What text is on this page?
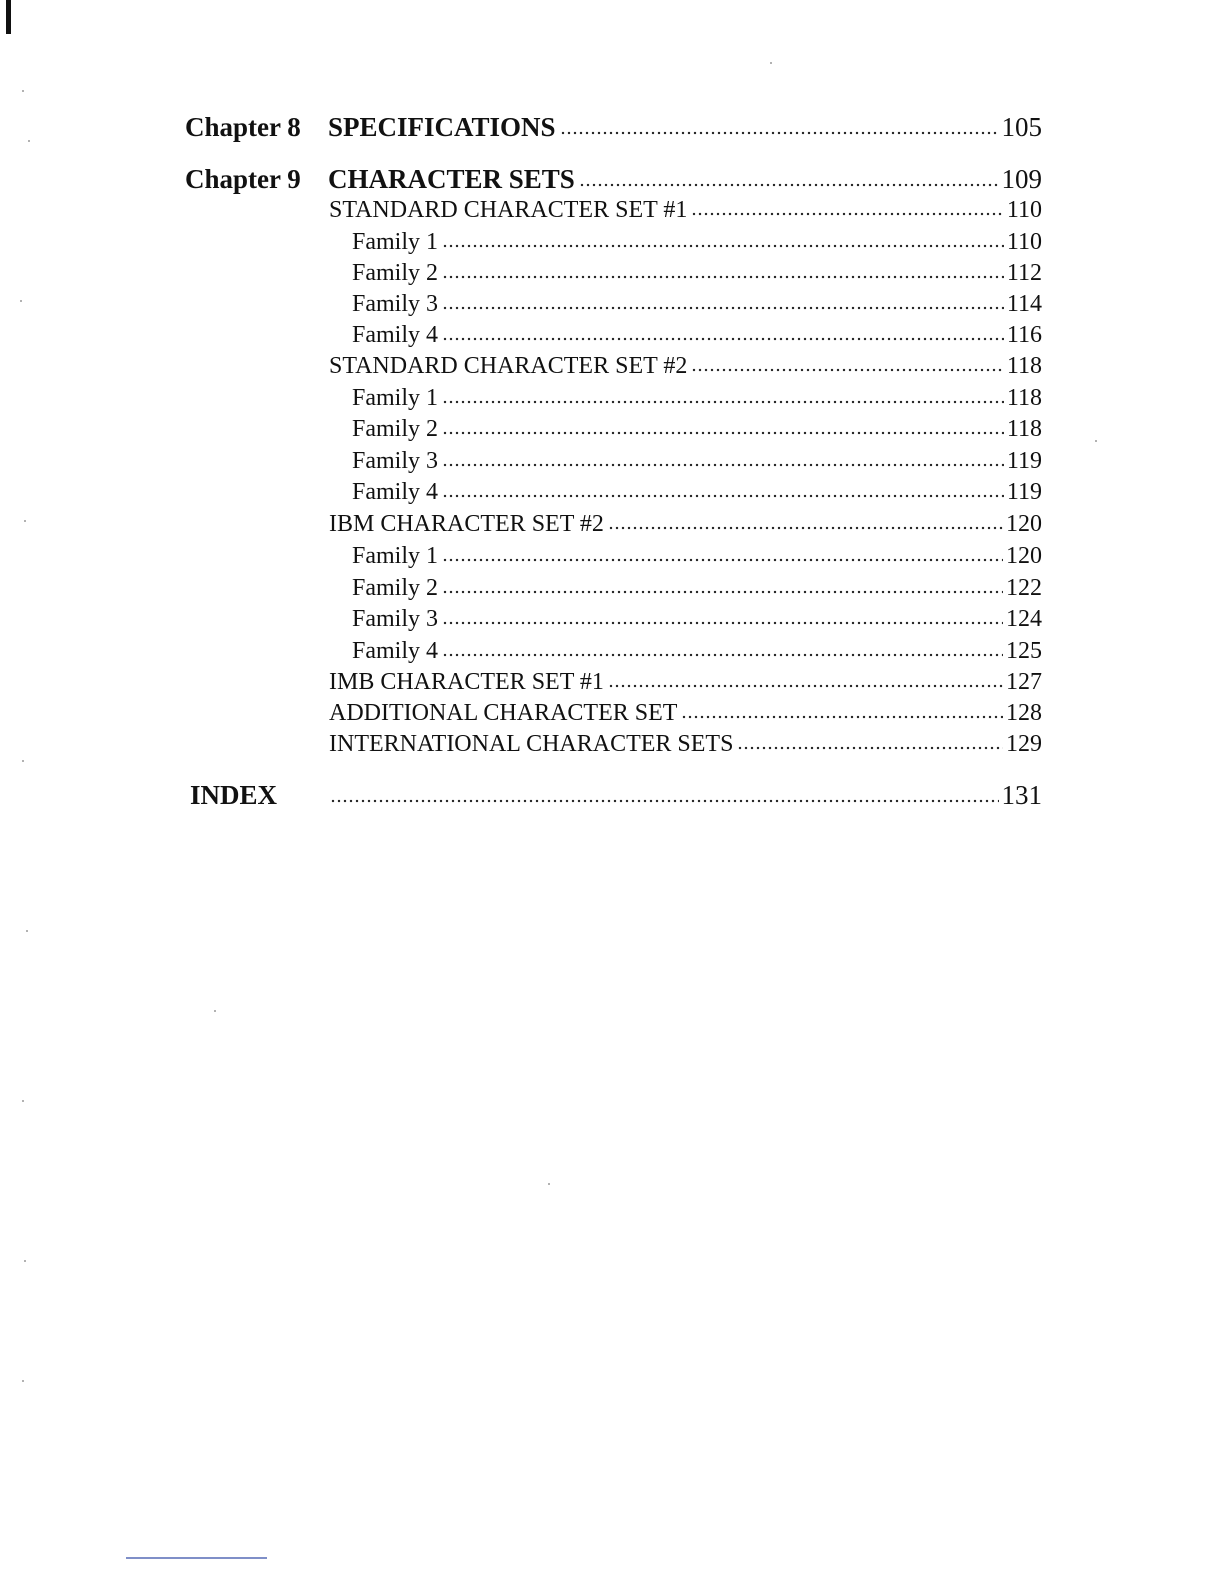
Chapter 8 SPECIFICATIONS	105
Chapter 9 CHARACTER SETS	109
STANDARD CHARACTER SET #1	110
Family 1	110
Family 2	112
Family 3	114
Family 4	116
STANDARD CHARACTER SET #2	118
Family 1	118
Family 2	118
Family 3	119
Family 4	119
IBM CHARACTER SET #2	120
Family 1	120
Family 2	122
Family 3	124
Family 4	125
IMB CHARACTER SET #1	127
ADDITIONAL CHARACTER SET	128
INTERNATIONAL CHARACTER SETS	129
INDEX	131
